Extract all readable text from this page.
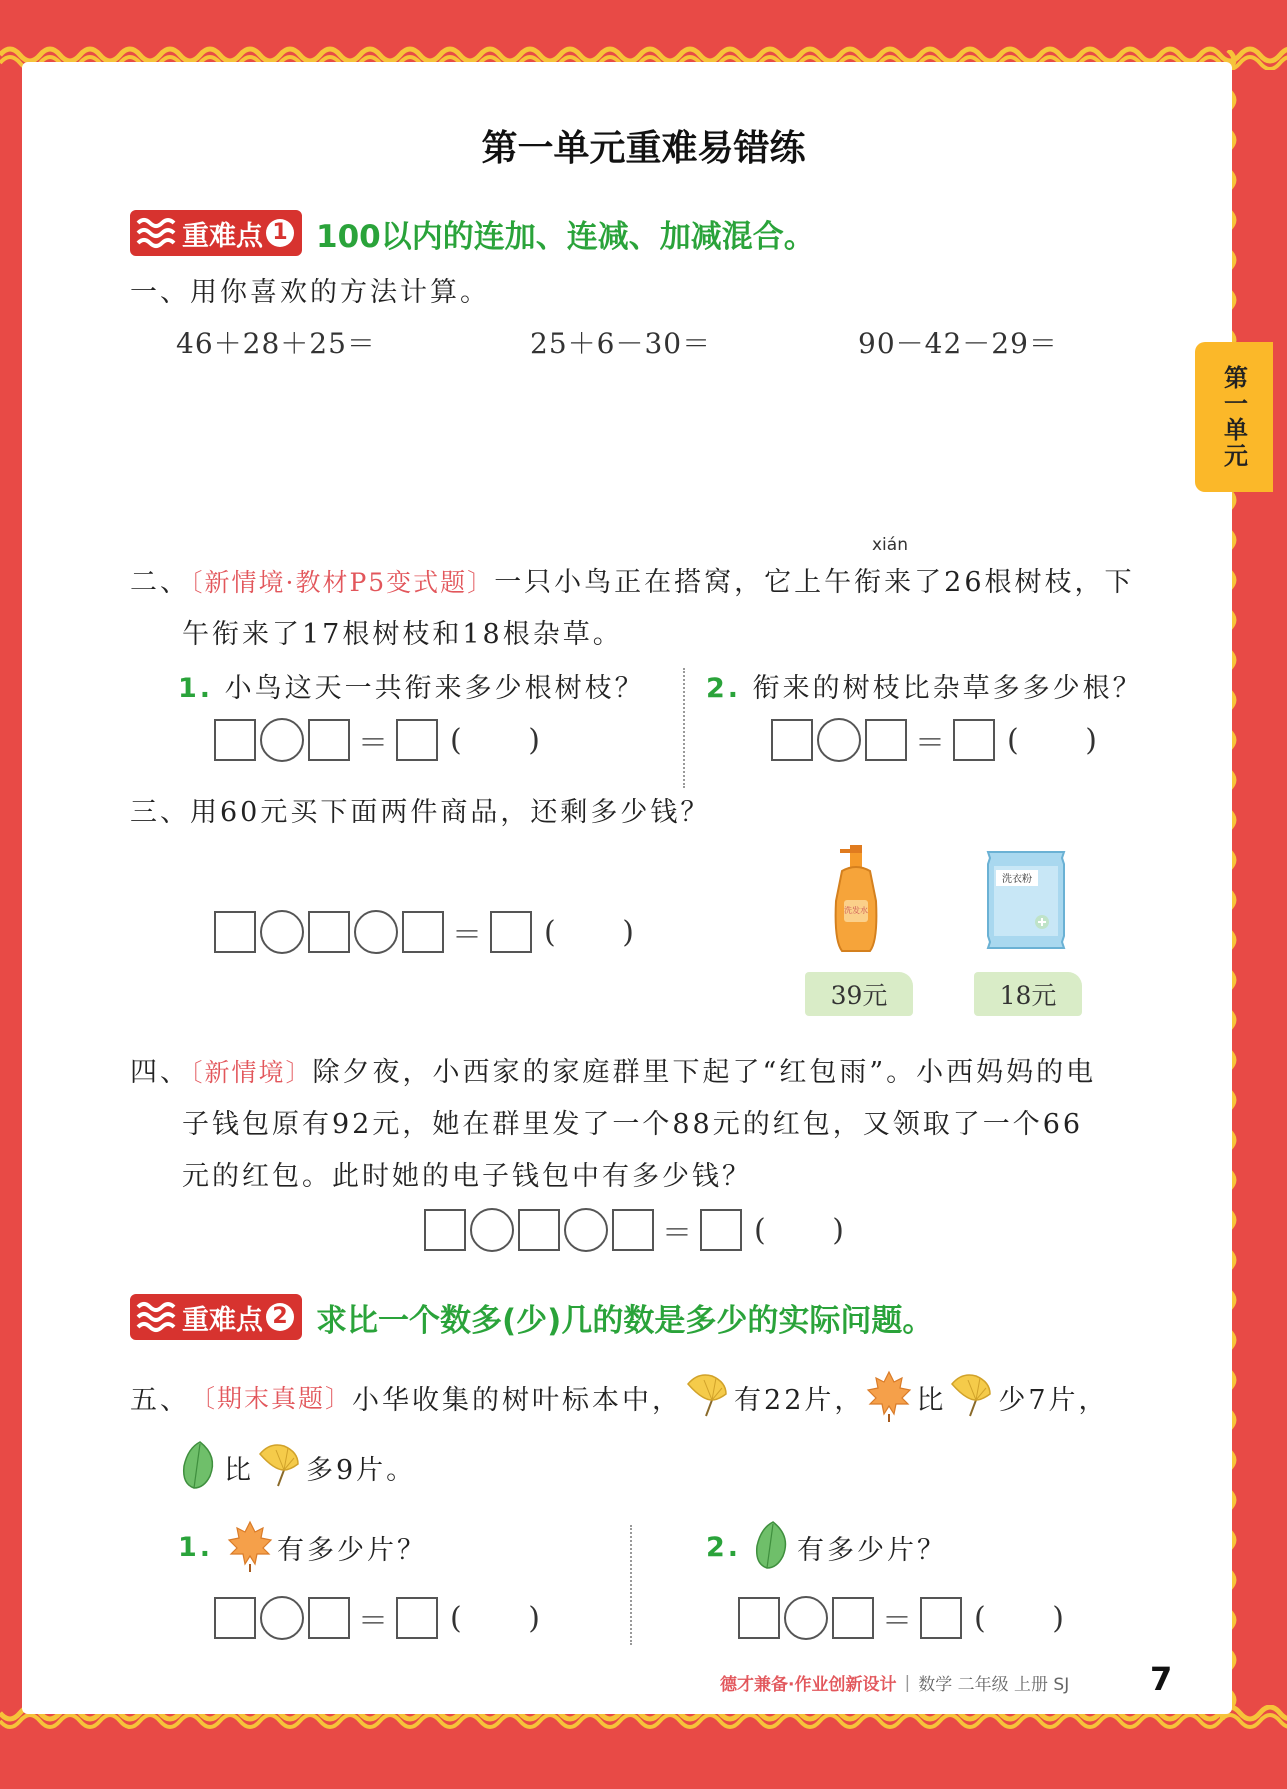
第一单元
第一单元重难易错练
重难点 1 100以内的连加、连减、加减混合。
一、用你喜欢的方法计算。
46＋28＋25＝	25＋6－30＝	90－42－29＝
xián
二、〔新情境·教材P5变式题〕一只小鸟正在搭窝，它上午衔来了26根树枝，下
午衔来了17根树枝和18根杂草。
1. 小鸟这天一共衔来多少根树枝？ 2. 衔来的树枝比杂草多多少根？
＝ ( )	＝ ( )
三、用60元买下面两件商品，还剩多少钱？
＝ ( )
洗发水
洗衣粉
39元	18元
四、〔新情境〕除夕夜，小西家的家庭群里下起了“红包雨”。小西妈妈的电
子钱包原有92元，她在群里发了一个88元的红包，又领取了一个66
元的红包。此时她的电子钱包中有多少钱？
＝ ( )
重难点 2 求比一个数多(少)几的数是多少的实际问题。
五、 〔期末真题〕 小华收集的树叶标本中， 有22片， 比 少7片，
比 多9片。
1. 有多少片？	2. 有多少片？
＝ ( )	＝ ( )
德才兼备·作业创新设计 | 数学 二年级 上册 SJ	7
